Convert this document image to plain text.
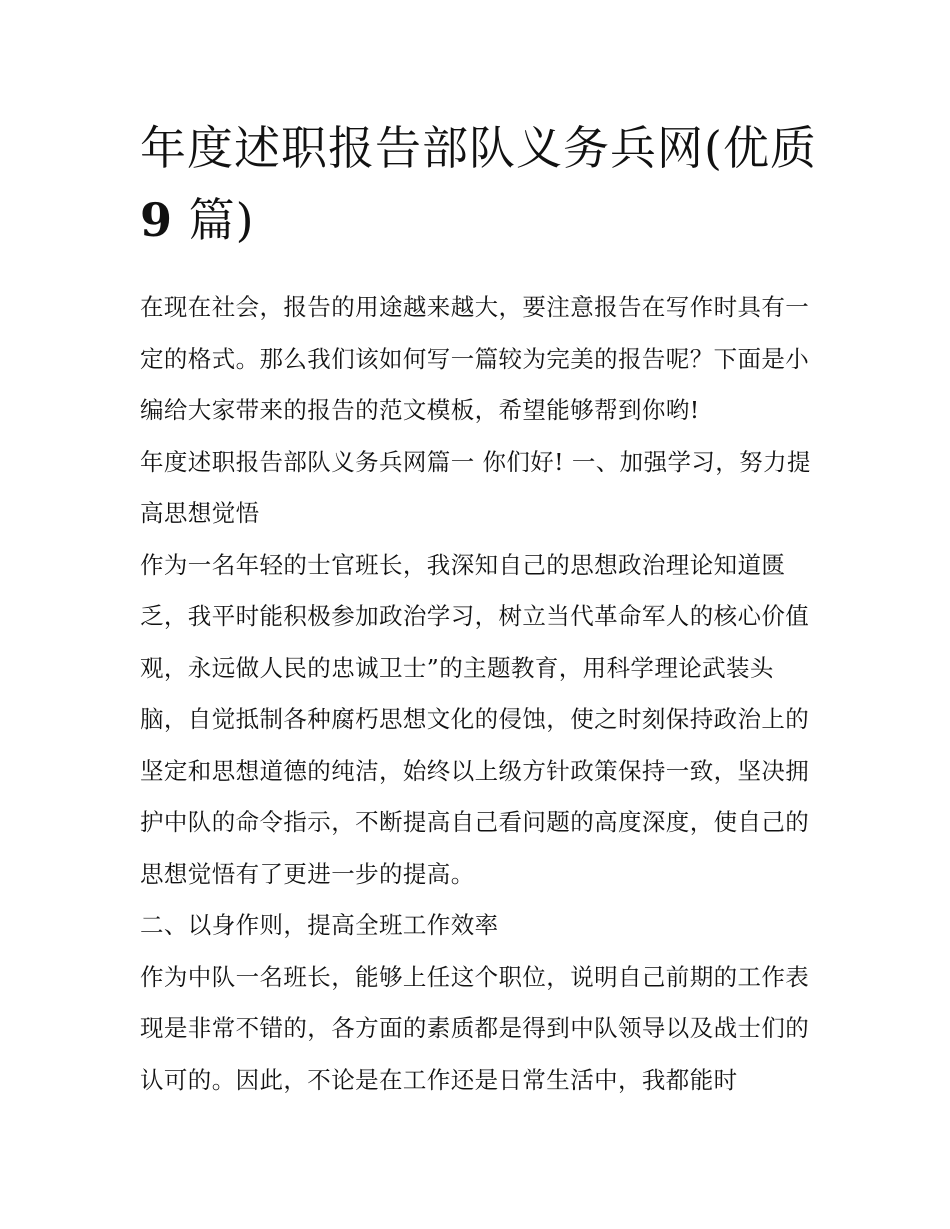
年度述职报告部队义务兵网(优质 9 篇)

在现在社会，报告的用途越来越大，要注意报告在写作时具有一定的格式。那么我们该如何写一篇较为完美的报告呢？下面是小编给大家带来的报告的范文模板，希望能够帮到你哟!

年度述职报告部队义务兵网篇一 你们好! 一、加强学习，努力提高思想觉悟

作为一名年轻的士官班长，我深知自己的思想政治理论知道匮乏，我平时能积极参加政治学习，树立当代革命军人的核心价值观，永远做人民的忠诚卫士”的主题教育，用科学理论武装头脑，自觉抵制各种腐朽思想文化的侵蚀，使之时刻保持政治上的坚定和思想道德的纯洁，始终以上级方针政策保持一致，坚决拥护中队的命令指示，不断提高自己看问题的高度深度，使自己的思想觉悟有了更进一步的提高。

二、以身作则，提高全班工作效率

作为中队一名班长，能够上任这个职位，说明自己前期的工作表现是非常不错的，各方面的素质都是得到中队领导以及战士们的认可的。因此，不论是在工作还是日常生活中，我都能时
